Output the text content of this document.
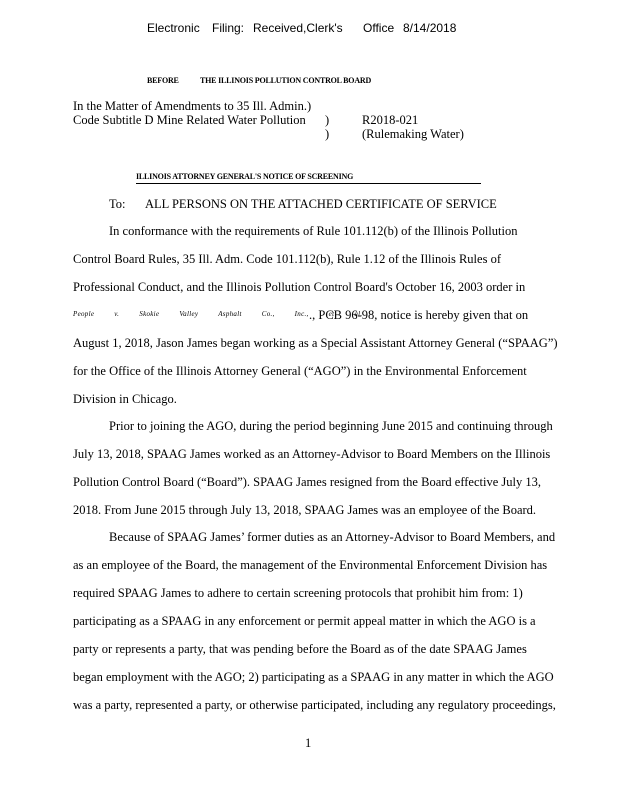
Electronic Filing: Received,Clerk's Office 8/14/2018
BEFORE	THE ILLINOIS POLLUTION CONTROL BOARD
In the Matter of Amendments to 35 Ill. Admin.)
Code Subtitle D Mine Related Water Pollution )	R2018-021
)	(Rulemaking Water)
ILLINOIS ATTORNEY GENERAL'S NOTICE OF SCREENING
To: ALL PERSONS ON THE ATTACHED CERTIFICATE OF SERVICE
In conformance with the requirements of Rule 101.112(b) of the Illinois Pollution
Control Board Rules, 35 Ill. Adm. Code 101.112(b), Rule 1.12 of the Illinois Rules of
Professional Conduct, and the Illinois Pollution Control Board's October 16, 2003 order in
People v. Skokie Valley Asphalt Co., Inc., et al.
., PCB 96-98, notice is hereby given that on
August 1, 2018, Jason James began working as a Special Assistant Attorney General (“SPAAG”)
for the Office of the Illinois Attorney General (“AGO”) in the Environmental Enforcement
Division in Chicago.
Prior to joining the AGO, during the period beginning June 2015 and continuing through
July 13, 2018, SPAAG James worked as an Attorney-Advisor to Board Members on the Illinois
Pollution Control Board (“Board”). SPAAG James resigned from the Board effective July 13,
2018. From June 2015 through July 13, 2018, SPAAG James was an employee of the Board.
Because of SPAAG James’ former duties as an Attorney-Advisor to Board Members, and
as an employee of the Board, the management of the Environmental Enforcement Division has
required SPAAG James to adhere to certain screening protocols that prohibit him from: 1)
participating as a SPAAG in any enforcement or permit appeal matter in which the AGO is a
party or represents a party, that was pending before the Board as of the date SPAAG James
began employment with the AGO; 2) participating as a SPAAG in any matter in which the AGO
was a party, represented a party, or otherwise participated, including any regulatory proceedings,
1
